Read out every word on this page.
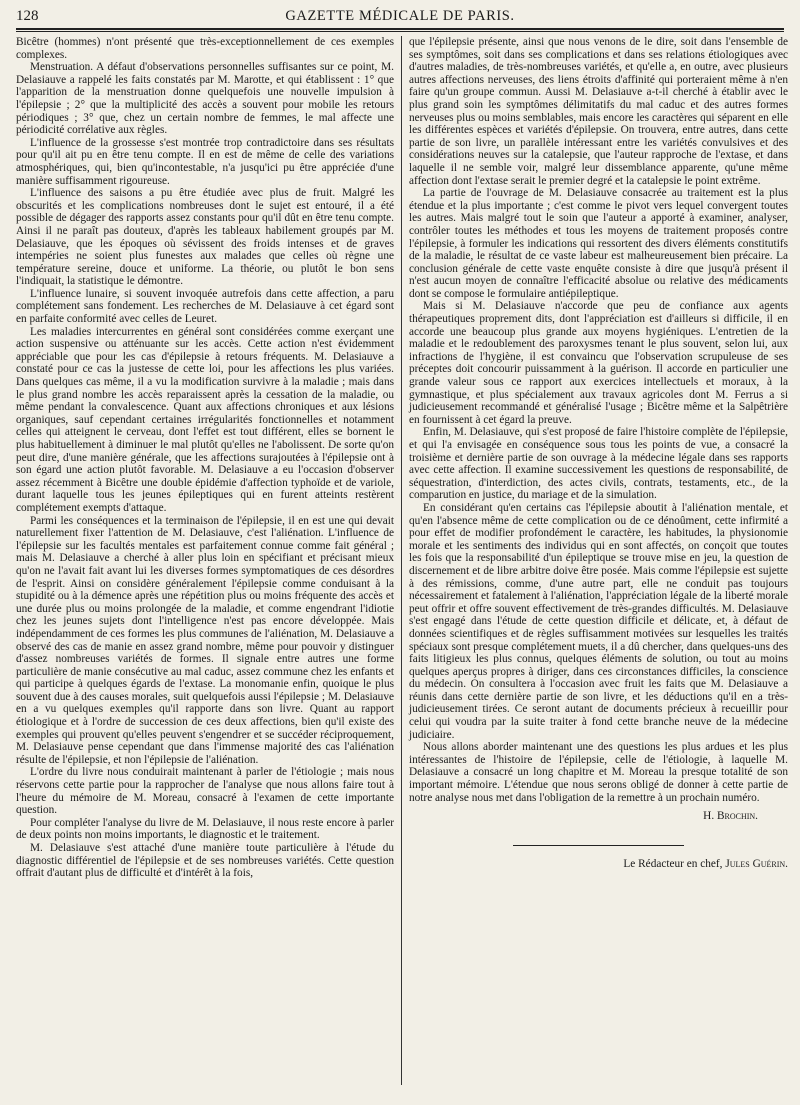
128	GAZETTE MÉDICALE DE PARIS.

Bicêtre (hommes) n'ont présenté que très-exceptionnellement de ces exemples complexes.

Menstruation. A défaut d'observations personnelles suffisantes sur ce point, M. Delasiauve a rappelé les faits constatés par M. Marotte, et qui établissent : 1° que l'apparition de la menstruation donne quelquefois une nouvelle impulsion à l'épilepsie ; 2° que la multiplicité des accès a souvent pour mobile les retours périodiques ; 3° que, chez un certain nombre de femmes, le mal affecte une périodicité corrélative aux règles.

L'influence de la grossesse s'est montrée trop contradictoire dans ses résultats pour qu'il ait pu en être tenu compte. Il en est de même de celle des variations atmosphériques, qui, bien qu'incontestable, n'a jusqu'ici pu être appréciée d'une manière suffisamment rigoureuse.

L'influence des saisons a pu être étudiée avec plus de fruit. Malgré les obscurités et les complications nombreuses dont le sujet est entouré, il a été possible de dégager des rapports assez constants pour qu'il dût en être tenu compte. Ainsi il ne paraît pas douteux, d'après les tableaux habilement groupés par M. Delasiauve, que les époques où sévissent des froids intenses et de graves intempéries ne soient plus funestes aux malades que celles où règne une température sereine, douce et uniforme. La théorie, ou plutôt le bon sens l'indiquait, la statistique le démontre.

L'influence lunaire, si souvent invoquée autrefois dans cette affection, a paru complétement sans fondement. Les recherches de M. Delasiauve à cet égard sont en parfaite conformité avec celles de Leuret.

Les maladies intercurrentes en général sont considérées comme exerçant une action suspensive ou atténuante sur les accès. Cette action n'est évidemment appréciable que pour les cas d'épilepsie à retours fréquents. M. Delasiauve a constaté pour ce cas la justesse de cette loi, pour les affections les plus variées. Dans quelques cas même, il a vu la modification survivre à la maladie ; mais dans le plus grand nombre les accès reparaissent après la cessation de la maladie, ou même pendant la convalescence. Quant aux affections chroniques et aux lésions organiques, sauf cependant certaines irrégularités fonctionnelles et notamment celles qui atteignent le cerveau, dont l'effet est tout différent, elles se bornent le plus habituellement à diminuer le mal plutôt qu'elles ne l'abolissent. De sorte qu'on peut dire, d'une manière générale, que les affections surajoutées à l'épilepsie ont à son égard une action plutôt favorable. M. Delasiauve a eu l'occasion d'observer assez récemment à Bicêtre une double épidémie d'affection typhoïde et de variole, durant laquelle tous les jeunes épileptiques qui en furent atteints restèrent complétement exempts d'attaque.

Parmi les conséquences et la terminaison de l'épilepsie, il en est une qui devait naturellement fixer l'attention de M. Delasiauve, c'est l'aliénation. L'influence de l'épilepsie sur les facultés mentales est parfaitement connue comme fait général ; mais M. Delasiauve a cherché à aller plus loin en spécifiant et précisant mieux qu'on ne l'avait fait avant lui les diverses formes symptomatiques de ces désordres de l'esprit. Ainsi on considère généralement l'épilepsie comme conduisant à la stupidité ou à la démence après une répétition plus ou moins fréquente des accès et une durée plus ou moins prolongée de la maladie, et comme engendrant l'idiotie chez les jeunes sujets dont l'intelligence n'est pas encore développée. Mais indépendamment de ces formes les plus communes de l'aliénation, M. Delasiauve a observé des cas de manie en assez grand nombre, même pour pouvoir y distinguer d'assez nombreuses variétés de formes. Il signale entre autres une forme particulière de manie consécutive au mal caduc, assez commune chez les enfants et qui participe à quelques égards de l'extase. La monomanie enfin, quoique le plus souvent due à des causes morales, suit quelquefois aussi l'épilepsie ; M. Delasiauve en a vu quelques exemples qu'il rapporte dans son livre. Quant au rapport étiologique et à l'ordre de succession de ces deux affections, bien qu'il existe des exemples qui prouvent qu'elles peuvent s'engendrer et se succéder réciproquement, M. Delasiauve pense cependant que dans l'immense majorité des cas l'aliénation résulte de l'épilepsie, et non l'épilepsie de l'aliénation.

L'ordre du livre nous conduirait maintenant à parler de l'étiologie ; mais nous réservons cette partie pour la rapprocher de l'analyse que nous allons faire tout à l'heure du mémoire de M. Moreau, consacré à l'examen de cette importante question.

Pour compléter l'analyse du livre de M. Delasiauve, il nous reste encore à parler de deux points non moins importants, le diagnostic et le traitement.

M. Delasiauve s'est attaché d'une manière toute particulière à l'étude du diagnostic différentiel de l'épilepsie et de ses nombreuses variétés. Cette question offrait d'autant plus de difficulté et d'intérêt à la fois,

que l'épilepsie présente, ainsi que nous venons de le dire, soit dans l'ensemble de ses symptômes, soit dans ses complications et dans ses relations étiologiques avec d'autres maladies, de très-nombreuses variétés, et qu'elle a, en outre, avec plusieurs autres affections nerveuses, des liens étroits d'affinité qui porteraient même à n'en faire qu'un groupe commun. Aussi M. Delasiauve a-t-il cherché à établir avec le plus grand soin les symptômes délimitatifs du mal caduc et des autres formes nerveuses plus ou moins semblables, mais encore les caractères qui séparent en elle les différentes espèces et variétés d'épilepsie. On trouvera, entre autres, dans cette partie de son livre, un parallèle intéressant entre les variétés convulsives et des considérations neuves sur la catalepsie, que l'auteur rapproche de l'extase, et dans laquelle il ne semble voir, malgré leur dissemblance apparente, qu'une même affection dont l'extase serait le premier degré et la catalepsie le point extrême.

La partie de l'ouvrage de M. Delasiauve consacrée au traitement est la plus étendue et la plus importante ; c'est comme le pivot vers lequel convergent toutes les autres. Mais malgré tout le soin que l'auteur a apporté à examiner, analyser, contrôler toutes les méthodes et tous les moyens de traitement proposés contre l'épilepsie, à formuler les indications qui ressortent des divers éléments constitutifs de la maladie, le résultat de ce vaste labeur est malheureusement bien précaire. La conclusion générale de cette vaste enquête consiste à dire que jusqu'à présent il n'est aucun moyen de connaître l'efficacité absolue ou relative des médicaments dont se compose le formulaire antiépileptique.

Mais si M. Delasiauve n'accorde que peu de confiance aux agents thérapeutiques proprement dits, dont l'appréciation est d'ailleurs si difficile, il en accorde une beaucoup plus grande aux moyens hygiéniques. L'entretien de la maladie et le redoublement des paroxysmes tenant le plus souvent, selon lui, aux infractions de l'hygiène, il est convaincu que l'observation scrupuleuse de ses préceptes doit concourir puissamment à la guérison. Il accorde en particulier une grande valeur sous ce rapport aux exercices intellectuels et moraux, à la gymnastique, et plus spécialement aux travaux agricoles dont M. Ferrus a si judicieusement recommandé et généralisé l'usage ; Bicêtre même et la Salpêtrière en fournissent à cet égard la preuve.

Enfin, M. Delasiauve, qui s'est proposé de faire l'histoire complète de l'épilepsie, et qui l'a envisagée en conséquence sous tous les points de vue, a consacré la troisième et dernière partie de son ouvrage à la médecine légale dans ses rapports avec cette affection. Il examine successivement les questions de responsabilité, de séquestration, d'interdiction, des actes civils, contrats, testaments, etc., de la comparution en justice, du mariage et de la simulation.

En considérant qu'en certains cas l'épilepsie aboutit à l'aliénation mentale, et qu'en l'absence même de cette complication ou de ce dénoûment, cette infirmité a pour effet de modifier profondément le caractère, les habitudes, la physionomie morale et les sentiments des individus qui en sont affectés, on conçoit que toutes les fois que la responsabilité d'un épileptique se trouve mise en jeu, la question de discernement et de libre arbitre doive être posée. Mais comme l'épilepsie est sujette à des rémissions, comme, d'une autre part, elle ne conduit pas toujours nécessairement et fatalement à l'aliénation, l'appréciation légale de la liberté morale peut offrir et offre souvent effectivement de très-grandes difficultés. M. Delasiauve s'est engagé dans l'étude de cette question difficile et délicate, et, à défaut de données scientifiques et de règles suffisamment motivées sur lesquelles les traités spéciaux sont presque complétement muets, il a dû chercher, dans quelques-uns des faits litigieux les plus connus, quelques éléments de solution, ou tout au moins quelques aperçus propres à diriger, dans ces circonstances difficiles, la conscience du médecin. On consultera à l'occasion avec fruit les faits que M. Delasiauve a réunis dans cette dernière partie de son livre, et les déductions qu'il en a très-judicieusement tirées. Ce seront autant de documents précieux à recueillir pour celui qui voudra par la suite traiter à fond cette branche neuve de la médecine judiciaire.

Nous allons aborder maintenant une des questions les plus ardues et les plus intéressantes de l'histoire de l'épilepsie, celle de l'étiologie, à laquelle M. Delasiauve a consacré un long chapitre et M. Moreau la presque totalité de son important mémoire. L'étendue que nous serons obligé de donner à cette partie de notre analyse nous met dans l'obligation de la remettre à un prochain numéro.

H. Brochin.
Le Rédacteur en chef, Jules Guérin.
